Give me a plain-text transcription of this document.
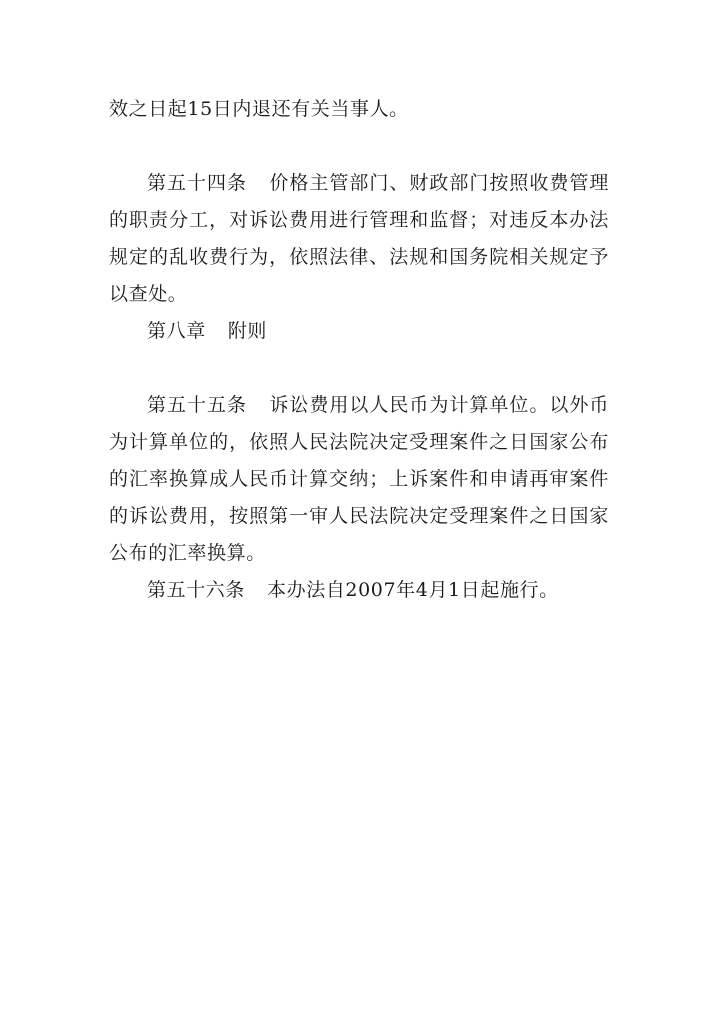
效之日起15日内退还有关当事人。
第五十四条 价格主管部门、财政部门按照收费管理的职责分工，对诉讼费用进行管理和监督；对违反本办法规定的乱收费行为，依照法律、法规和国务院相关规定予以查处。
第八章 附则
第五十五条 诉讼费用以人民币为计算单位。以外币为计算单位的，依照人民法院决定受理案件之日国家公布的汇率换算成人民币计算交纳；上诉案件和申请再审案件的诉讼费用，按照第一审人民法院决定受理案件之日国家公布的汇率换算。
第五十六条 本办法自2007年4月1日起施行。
